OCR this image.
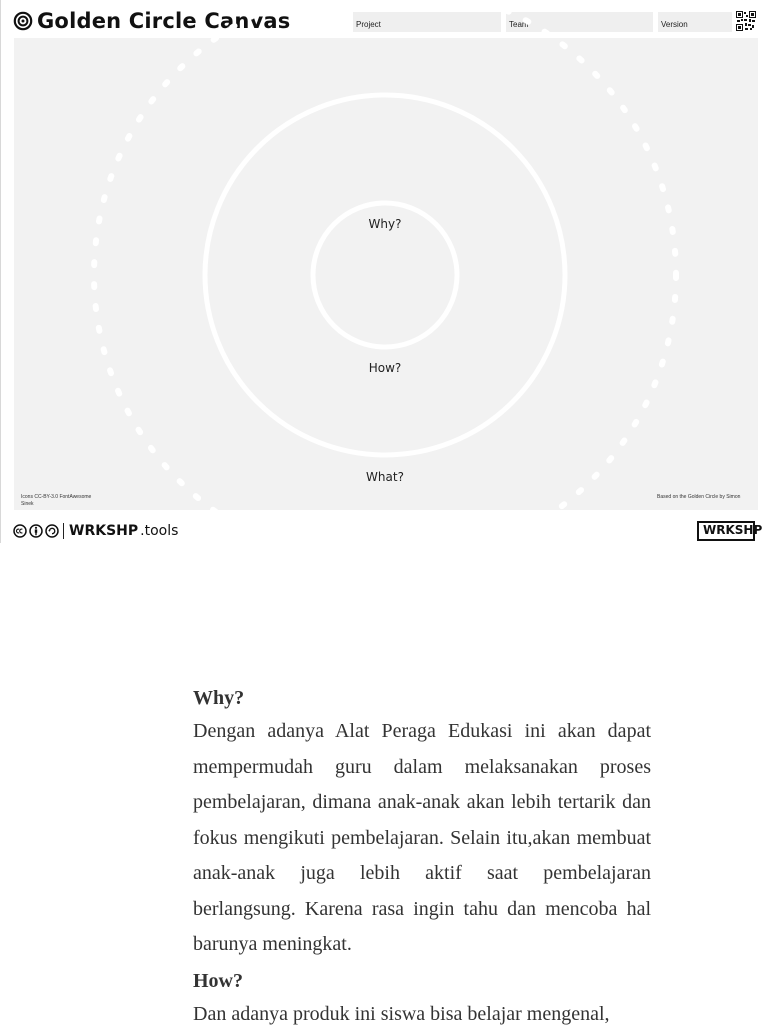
Golden Circle Canvas	Project	Team	Version
Why?
How?
What?
Icons CC-BY-3.0 FontAwesome Sinek
Based on the Golden Circle by Simon
WRKSHP .tools	WRKSHP
Why?

Dengan adanya Alat Peraga Edukasi ini akan dapat mempermudah guru dalam melaksanakan proses pembelajaran, dimana anak-anak akan lebih tertarik dan fokus mengikuti pembelajaran. Selain itu,akan membuat anak-anak juga lebih aktif saat pembelajaran berlangsung. Karena rasa ingin tahu dan mencoba hal barunya meningkat.

How?

Dan adanya produk ini siswa bisa belajar mengenal,
